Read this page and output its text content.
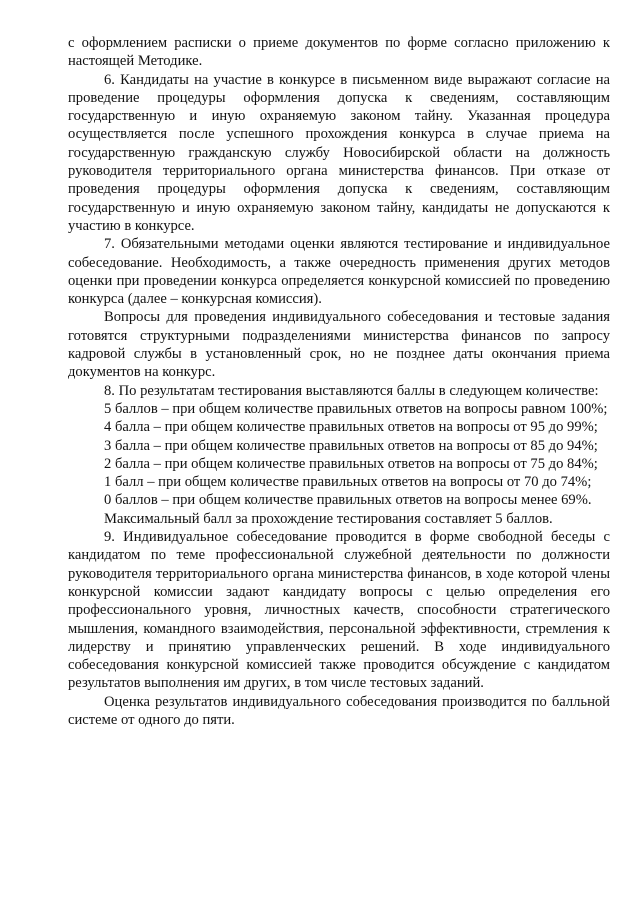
с оформлением расписки о приеме документов по форме согласно приложению к настоящей Методике.

6. Кандидаты на участие в конкурсе в письменном виде выражают согласие на проведение процедуры оформления допуска к сведениям, составляющим государственную и иную охраняемую законом тайну. Указанная процедура осуществляется после успешного прохождения конкурса в случае приема на государственную гражданскую службу Новосибирской области на должность руководителя территориального органа министерства финансов. При отказе от проведения процедуры оформления допуска к сведениям, составляющим государственную и иную охраняемую законом тайну, кандидаты не допускаются к участию в конкурсе.

7. Обязательными методами оценки являются тестирование и индивидуальное собеседование. Необходимость, а также очередность применения других методов оценки при проведении конкурса определяется конкурсной комиссией по проведению конкурса (далее – конкурсная комиссия).

Вопросы для проведения индивидуального собеседования и тестовые задания готовятся структурными подразделениями министерства финансов по запросу кадровой службы в установленный срок, но не позднее даты окончания приема документов на конкурс.

8. По результатам тестирования выставляются баллы в следующем количестве:

5 баллов – при общем количестве правильных ответов на вопросы равном 100%;

4 балла – при общем количестве правильных ответов на вопросы от 95 до 99%;

3 балла – при общем количестве правильных ответов на вопросы от 85 до 94%;

2 балла – при общем количестве правильных ответов на вопросы от 75 до 84%;

1 балл – при общем количестве правильных ответов на вопросы от 70 до 74%;

0 баллов – при общем количестве правильных ответов на вопросы менее 69%.

Максимальный балл за прохождение тестирования составляет 5 баллов.

9. Индивидуальное собеседование проводится в форме свободной беседы с кандидатом по теме профессиональной служебной деятельности по должности руководителя территориального органа министерства финансов, в ходе которой члены конкурсной комиссии задают кандидату вопросы с целью определения его профессионального уровня, личностных качеств, способности стратегического мышления, командного взаимодействия, персональной эффективности, стремления к лидерству и принятию управленческих решений. В ходе индивидуального собеседования конкурсной комиссией также проводится обсуждение с кандидатом результатов выполнения им других, в том числе тестовых заданий.

Оценка результатов индивидуального собеседования производится по балльной системе от одного до пяти.
